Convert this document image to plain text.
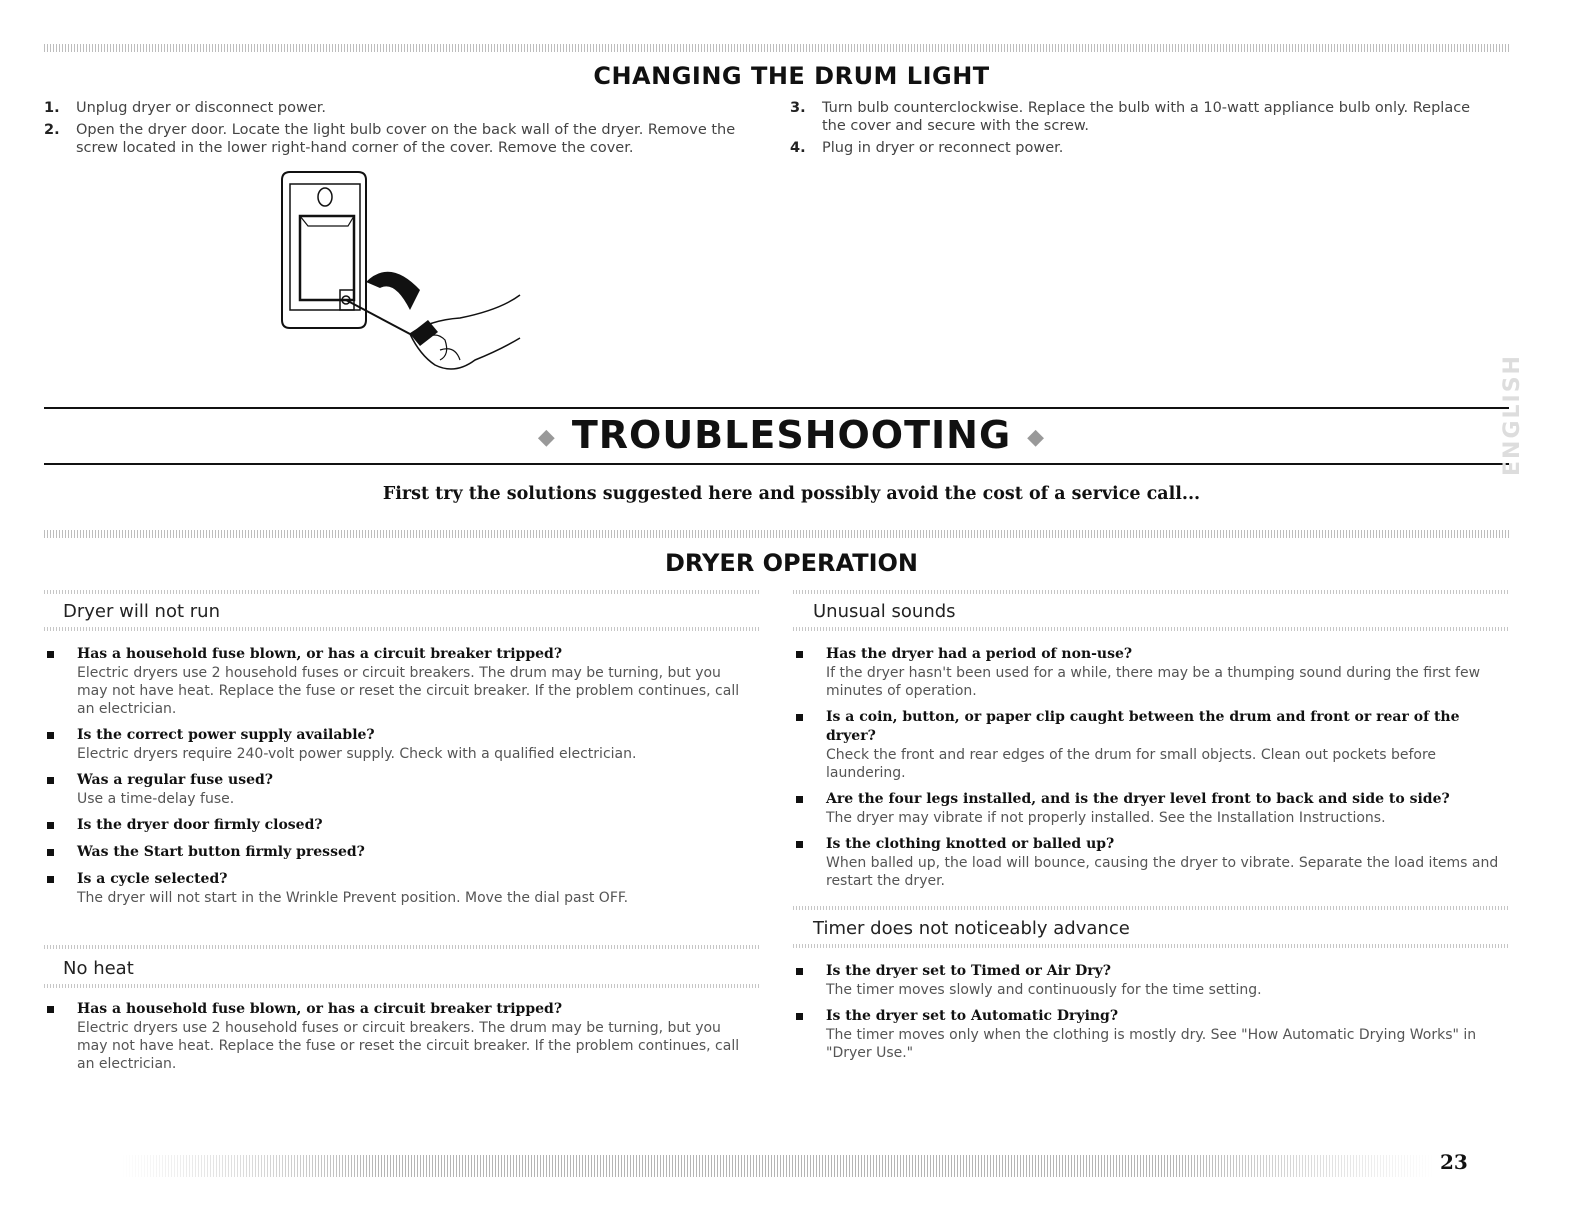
CHANGING THE DRUM LIGHT
1. Unplug dryer or disconnect power.
2. Open the dryer door. Locate the light bulb cover on the back wall of the dryer. Remove the screw located in the lower right-hand corner of the cover. Remove the cover.
3. Turn bulb counterclockwise. Replace the bulb with a 10-watt appliance bulb only. Replace the cover and secure with the screw.
4. Plug in dryer or reconnect power.
◆ TROUBLESHOOTING ◆
First try the solutions suggested here and possibly avoid the cost of a service call...
DRYER OPERATION
Dryer will not run
Has a household fuse blown, or has a circuit breaker tripped?
Electric dryers use 2 household fuses or circuit breakers. The drum may be turning, but you may not have heat. Replace the fuse or reset the circuit breaker. If the problem continues, call an electrician.
Is the correct power supply available?
Electric dryers require 240-volt power supply. Check with a qualified electrician.
Was a regular fuse used?
Use a time-delay fuse.
Is the dryer door firmly closed?
Was the Start button firmly pressed?
Is a cycle selected?
The dryer will not start in the Wrinkle Prevent position. Move the dial past OFF.
No heat
Has a household fuse blown, or has a circuit breaker tripped?
Electric dryers use 2 household fuses or circuit breakers. The drum may be turning, but you may not have heat. Replace the fuse or reset the circuit breaker. If the problem continues, call an electrician.
Unusual sounds
Has the dryer had a period of non-use?
If the dryer hasn't been used for a while, there may be a thumping sound during the first few minutes of operation.
Is a coin, button, or paper clip caught between the drum and front or rear of the dryer?
Check the front and rear edges of the drum for small objects. Clean out pockets before laundering.
Are the four legs installed, and is the dryer level front to back and side to side?
The dryer may vibrate if not properly installed. See the Installation Instructions.
Is the clothing knotted or balled up?
When balled up, the load will bounce, causing the dryer to vibrate. Separate the load items and restart the dryer.
Timer does not noticeably advance
Is the dryer set to Timed or Air Dry?
The timer moves slowly and continuously for the time setting.
Is the dryer set to Automatic Drying?
The timer moves only when the clothing is mostly dry. See "How Automatic Drying Works" in "Dryer Use."
ENGLISH
23
